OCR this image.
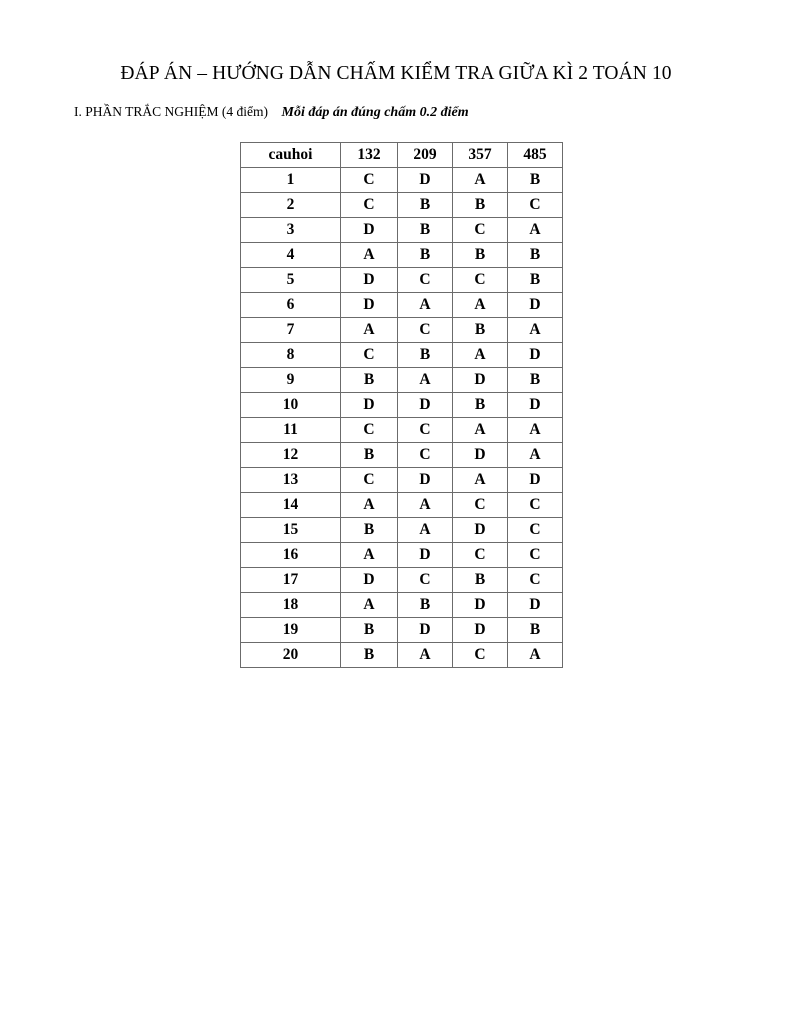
ĐÁP ÁN – HƯỚNG DẪN CHẤM KIỂM TRA GIỮA KÌ 2 TOÁN 10
I. PHẦN TRẮC NGHIỆM (4 điểm) Mỗi đáp án đúng chấm 0.2 điểm
cauhoi	132	209	357	485
1	C	D	A	B
2	C	B	B	C
3	D	B	C	A
4	A	B	B	B
5	D	C	C	B
6	D	A	A	D
7	A	C	B	A
8	C	B	A	D
9	B	A	D	B
10	D	D	B	D
11	C	C	A	A
12	B	C	D	A
13	C	D	A	D
14	A	A	C	C
15	B	A	D	C
16	A	D	C	C
17	D	C	B	C
18	A	B	D	D
19	B	D	D	B
20	B	A	C	A
